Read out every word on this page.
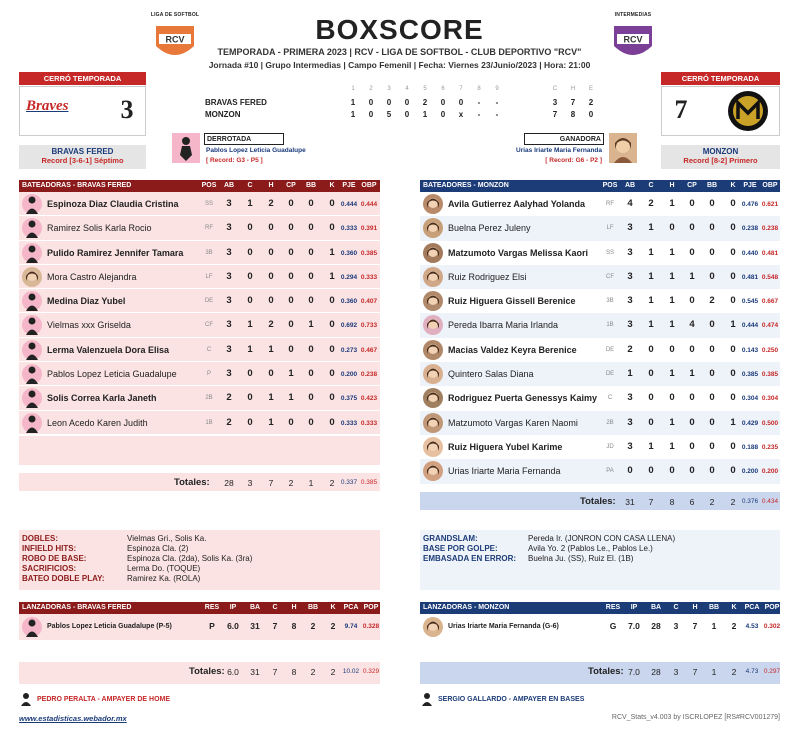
LIGA DE SOFTBOL
RCV
INTERMEDIAS
RCV
BOXSCORE
TEMPORADA - PRIMERA 2023 | RCV - LIGA DE SOFTBOL - CLUB DEPORTIVO "RCV"
Jornada #10 | Grupo Intermedias | Campo Femenil | Fecha: Viernes 23/Junio/2023 | Hora: 21:00
CERRÓ TEMPORADA
Braves	3
BRAVAS FERED
Record [3-6-1] Séptimo
CERRÓ TEMPORADA
7
MONZON
Record [8-2] Primero
1	2	3	4	5	6	7	8	9	C	H	E
BRAVAS FERED	1	0	0	0	2	0	0	-	-	3	7	2
MONZON	1	0	5	0	1	0	x	-	-	7	8	0
DERROTADA
Pablos Lopez Leticia Guadalupe
[ Record: G3 - P5 ]
GANADORA
Urias Iriarte Maria Fernanda
[ Record: G6 - P2 ]
BATEADORAS - BRAVAS FERED	POS	AB	C	H	CP	BB	K	PJE OBP
Espinoza Diaz Claudia Cristina	SS	3	1	2	0	0	0 0.444 0.444
Ramirez Solis Karla Rocio	RF	3	0	0	0	0	0 0.333 0.391
Pulido Ramirez Jennifer Tamara	3B	3	0	0	0	0	1 0.360 0.385
Mora Castro Alejandra	LF	3	0	0	0	0	1 0.294 0.333
Medina Diaz Yubel	DE	3	0	0	0	0	0 0.360 0.407
Vielmas xxx Griselda	CF	3	1	2	0	1	0 0.692 0.733
Lerma Valenzuela Dora Elisa	C	3	1	1	0	0	0 0.273 0.467
Pablos Lopez Leticia Guadalupe	P	3	0	0	1	0	0 0.200 0.238
Solis Correa Karla Janeth	2B	2	0	1	1	0	0 0.375 0.423
Leon Acedo Karen Judith	1B	2	0	1	0	0	0 0.333 0.333
Totales:	28	3	7	2	1	2	0.337 0.385
BATEADORES - MONZON	POS	AB	C	H	CP	BB	K	PJE OBP
Avila Gutierrez Aalyhad Yolanda	RF	4	2	1	0	0	0 0.476 0.621
Buelna Perez Juleny	LF	3	1	0	0	0	0 0.238 0.238
Matzumoto Vargas Melissa Kaori	SS	3	1	1	0	0	0 0.440 0.481
Ruiz Rodriguez Elsi	CF	3	1	1	1	0	0 0.481 0.548
Ruiz Higuera Gissell Berenice	3B	3	1	1	0	2	0 0.545 0.667
Pereda Ibarra Maria Irlanda	1B	3	1	1	4	0	1 0.444 0.474
Macias Valdez Keyra Berenice	DE	2	0	0	0	0	0 0.143 0.250
Quintero Salas Diana	DE	1	0	1	1	0	0 0.385 0.385
Rodriguez Puerta Genessys Kaimy	C	3	0	0	0	0	0 0.304 0.304
Matzumoto Vargas Karen Naomi	2B	3	0	1	0	0	1 0.429 0.500
Ruiz Higuera Yubel Karime	JD	3	1	1	0	0	0 0.188 0.235
Urias Iriarte Maria Fernanda	PA	0	0	0	0	0	0 0.200 0.200
Totales:	31	7	8	6	2	2	0.376 0.434
DOBLES:	Vielmas Gri., Solis Ka.
INFIELD HITS:	Espinoza Cla. (2)
ROBO DE BASE:	Espinoza Cla. (2da), Solis Ka. (3ra)
SACRIFICIOS:	Lerma Do. (TOQUE)
BATEO DOBLE PLAY:	Ramirez Ka. (ROLA)
GRANDSLAM:	Pereda Ir. (JONRON CON CASA LLENA)
BASE POR GOLPE:	Avila Yo. 2 (Pablos Le., Pablos Le.)
EMBASADA EN ERROR:	Buelna Ju. (SS), Ruiz El. (1B)
LANZADORAS - BRAVAS FERED	RES	IP	BA	C	H	BB	K	PCA POP
Pablos Lopez Leticia Guadalupe (P-5)	P	6.0	31	7	8	2	2	9.74 0.328
Totales: 6.0	31	7	8	2	2	10.02 0.329
LANZADORAS - MONZON	RES	IP	BA	C	H	BB	K	PCA POP
Urias Iriarte Maria Fernanda (G-6)	G	7.0	28	3	7	1	2	4.53 0.302
Totales: 7.0	28	3	7	1	2	4.73 0.297
PEDRO PERALTA - AMPAYER DE HOME	SERGIO GALLARDO - AMPAYER EN BASES
www.estadisticas.webador.mx	RCV_Stats_v4.003 by ISCRLOPEZ [RS#RCV001279]
